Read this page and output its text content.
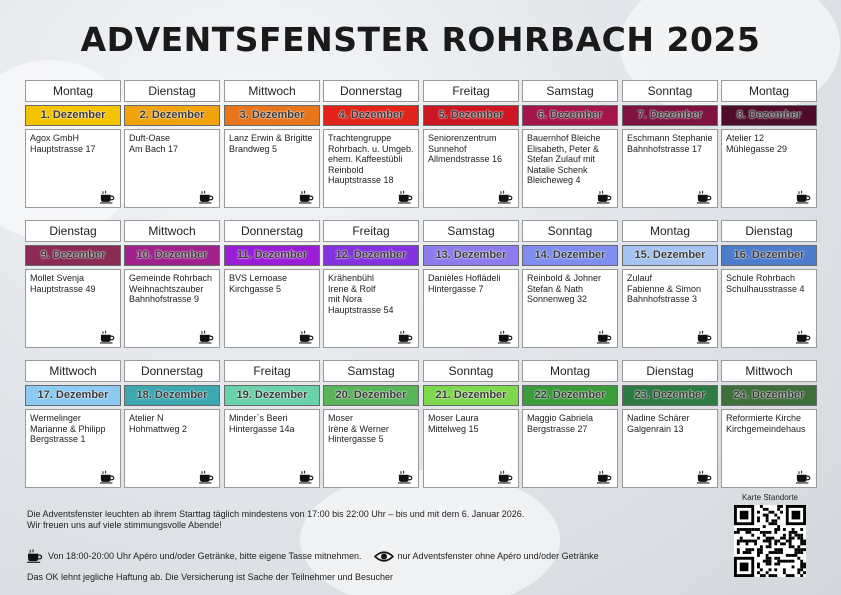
ADVENTSFENSTER ROHRBACH 2025
Montag
1. Dezember
Agox GmbH
Hauptstrasse 17
Dienstag
2. Dezember
Duft-Oase
Am Bach 17
Mittwoch
3. Dezember
Lanz Erwin & Brigitte
Brandweg 5
Donnerstag
4. Dezember
Trachtengruppe
Rohrbach. u. Umgeb.
ehem. Kaffeestübli
Reinbold
Hauptstrasse 18
Freitag
5. Dezember
Seniorenzentrum
Sunnehof
Allmendstrasse 16
Samstag
6. Dezember
Bauernhof Bleiche
Elisabeth, Peter &
Stefan Zulauf mit
Natalie Schenk
Bleicheweg 4
Sonntag
7. Dezember
Eschmann Stephanie
Bahnhofstrasse 17
Montag
8. Dezember
Atelier 12
Mühlegasse 29
Dienstag
9. Dezember
Mollet Svenja
Hauptstrasse 49
Mittwoch
10. Dezember
Gemeinde Rohrbach
Weihnachtszauber
Bahnhofstrasse 9
Donnerstag
11. Dezember
BVS Lernoase
Kirchgasse 5
Freitag
12. Dezember
Krähenbühl
Irene & Rolf
mit Nora
Hauptstrasse 54
Samstag
13. Dezember
Danièles Hoflädeli
Hintergasse 7
Sonntag
14. Dezember
Reinbold & Johner
Stefan & Nath
Sonnenweg 32
Montag
15. Dezember
Zulauf
Fabienne & Simon
Bahnhofstrasse 3
Dienstag
16. Dezember
Schule Rohrbach
Schulhausstrasse 4
Mittwoch
17. Dezember
Wermelinger
Marianne & Philipp
Bergstrasse 1
Donnerstag
18. Dezember
Atelier N
Hohmattweg 2
Freitag
19. Dezember
Minder`s Beeri
Hintergasse 14a
Samstag
20. Dezember
Moser
Irène & Werner
Hintergasse 5
Sonntag
21. Dezember
Moser Laura
Mittelweg 15
Montag
22. Dezember
Maggio Gabriela
Bergstrasse 27
Dienstag
23. Dezember
Nadine Schärer
Galgenrain 13
Mittwoch
24. Dezember
Reformierte Kirche
Kirchgemeindehaus
Die Adventsfenster leuchten ab ihrem Starttag täglich mindestens von 17:00 bis 22:00 Uhr – bis und mit dem 6. Januar 2026.
Wir freuen uns auf viele stimmungsvolle Abende!
Von 18:00-20:00 Uhr Apéro und/oder Getränke, bitte eigene Tasse mitnehmen.	nur Adventsfenster ohne Apéro und/oder Getränke
Das OK lehnt jegliche Haftung ab. Die Versicherung ist Sache der Teilnehmer und Besucher
Karte Standorte
